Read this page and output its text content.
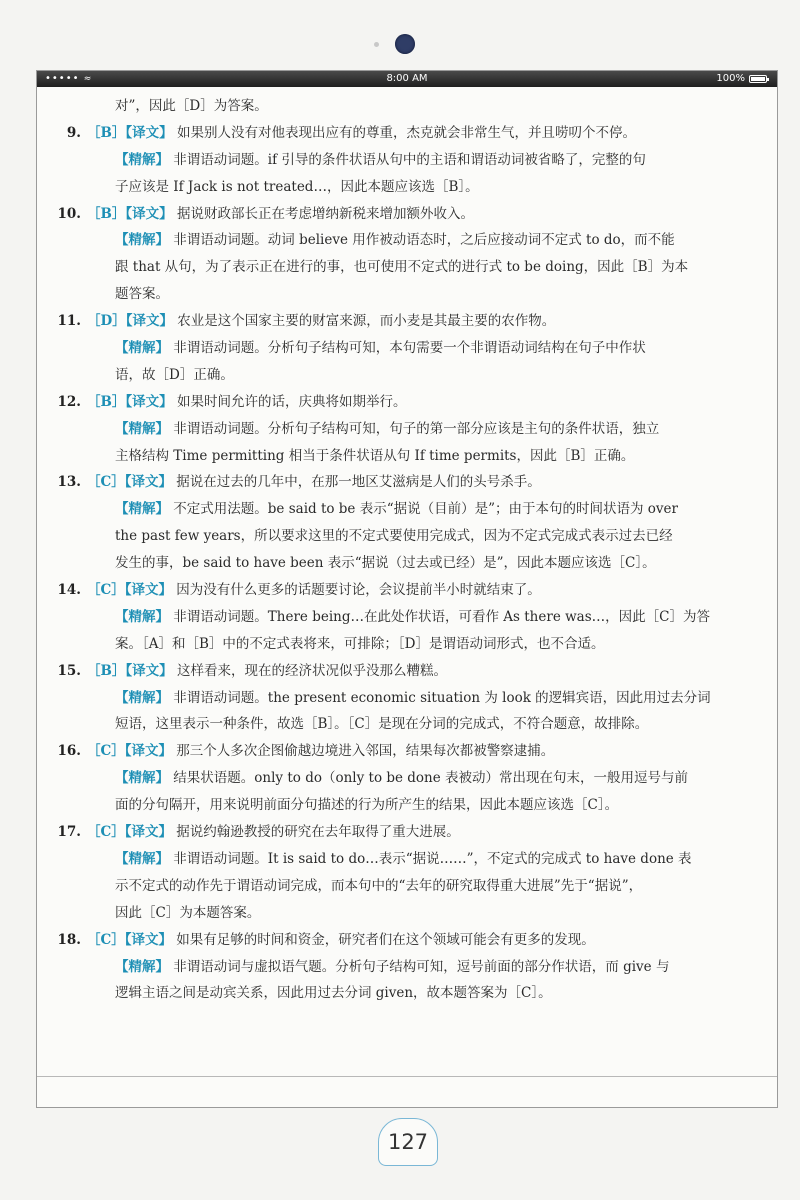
••••• ≈	8:00 AM	100%
对”，因此［D］为答案。
9. ［B］【译文】 如果别人没有对他表现出应有的尊重，杰克就会非常生气，并且唠叨个不停。
【精解】 非谓语动词题。if 引导的条件状语从句中的主语和谓语动词被省略了，完整的句
子应该是 If Jack is not treated…，因此本题应该选［B］。
10. ［B］【译文】 据说财政部长正在考虑增纳新税来增加额外收入。
【精解】 非谓语动词题。动词 believe 用作被动语态时，之后应接动词不定式 to do，而不能
跟 that 从句，为了表示正在进行的事，也可使用不定式的进行式 to be doing，因此［B］为本
题答案。
11. ［D］【译文】 农业是这个国家主要的财富来源，而小麦是其最主要的农作物。
【精解】 非谓语动词题。分析句子结构可知，本句需要一个非谓语动词结构在句子中作状
语，故［D］正确。
12. ［B］【译文】 如果时间允许的话，庆典将如期举行。
【精解】 非谓语动词题。分析句子结构可知，句子的第一部分应该是主句的条件状语，独立
主格结构 Time permitting 相当于条件状语从句 If time permits，因此［B］正确。
13. ［C］【译文】 据说在过去的几年中，在那一地区艾滋病是人们的头号杀手。
【精解】 不定式用法题。be said to be 表示“据说（目前）是”；由于本句的时间状语为 over
the past few years，所以要求这里的不定式要使用完成式，因为不定式完成式表示过去已经
发生的事，be said to have been 表示“据说（过去或已经）是”，因此本题应该选［C］。
14. ［C］【译文】 因为没有什么更多的话题要讨论，会议提前半小时就结束了。
【精解】 非谓语动词题。There being…在此处作状语，可看作 As there was…，因此［C］为答
案。［A］和［B］中的不定式表将来，可排除；［D］是谓语动词形式，也不合适。
15. ［B］【译文】 这样看来，现在的经济状况似乎没那么糟糕。
【精解】 非谓语动词题。the present economic situation 为 look 的逻辑宾语，因此用过去分词
短语，这里表示一种条件，故选［B］。［C］是现在分词的完成式，不符合题意，故排除。
16. ［C］【译文】 那三个人多次企图偷越边境进入邻国，结果每次都被警察逮捕。
【精解】 结果状语题。only to do（only to be done 表被动）常出现在句末，一般用逗号与前
面的分句隔开，用来说明前面分句描述的行为所产生的结果，因此本题应该选［C］。
17. ［C］【译文】 据说约翰逊教授的研究在去年取得了重大进展。
【精解】 非谓语动词题。It is said to do…表示“据说……”，不定式的完成式 to have done 表
示不定式的动作先于谓语动词完成，而本句中的“去年的研究取得重大进展”先于“据说”，
因此［C］为本题答案。
18. ［C］【译文】 如果有足够的时间和资金，研究者们在这个领域可能会有更多的发现。
【精解】 非谓语动词与虚拟语气题。分析句子结构可知，逗号前面的部分作状语，而 give 与
逻辑主语之间是动宾关系，因此用过去分词 given，故本题答案为［C］。
127
